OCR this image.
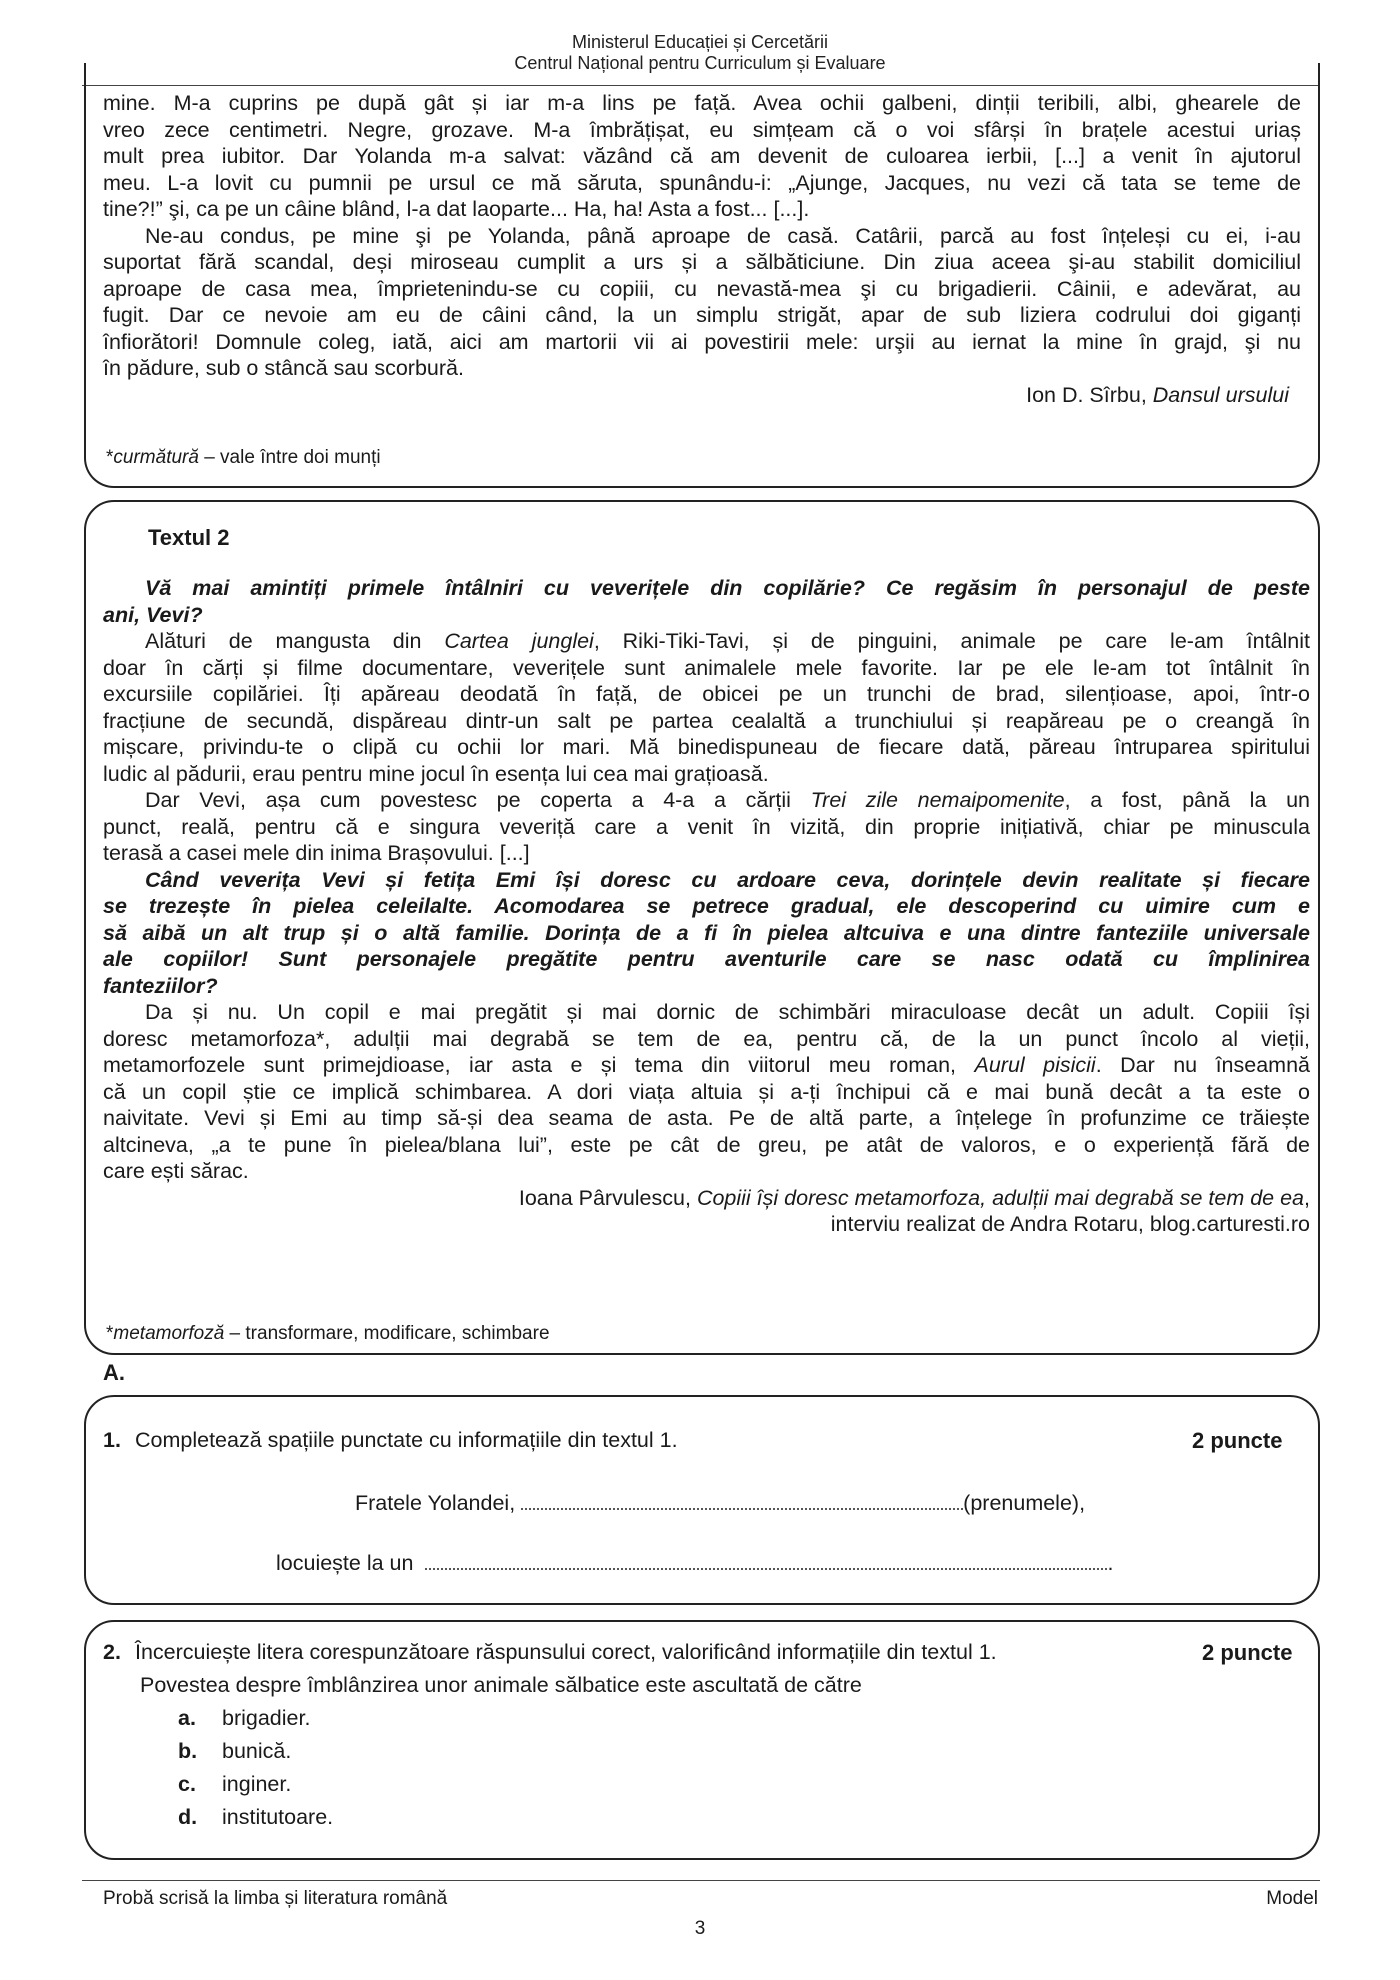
Ministerul Educației și Cercetării
Centrul Național pentru Curriculum și Evaluare
mine. M-a cuprins pe după gât și iar m-a lins pe față. Avea ochii galbeni, dinții teribili, albi, ghearele de
vreo zece centimetri. Negre, grozave. M-a îmbrățișat, eu simțeam că o voi sfârși în brațele acestui uriaș
mult prea iubitor. Dar Yolanda m-a salvat: văzând că am devenit de culoarea ierbii, [...] a venit în ajutorul
meu. L-a lovit cu pumnii pe ursul ce mă săruta, spunându-i: „Ajunge, Jacques, nu vezi că tata se teme de
tine?!” şi, ca pe un câine blând, l-a dat laoparte... Ha, ha! Asta a fost... [...].
Ne-au condus, pe mine şi pe Yolanda, până aproape de casă. Catârii, parcă au fost înțeleși cu ei, i-au
suportat fără scandal, deși miroseau cumplit a urs și a sălbăticiune. Din ziua aceea şi-au stabilit domiciliul
aproape de casa mea, împrietenindu-se cu copiii, cu nevastă-mea şi cu brigadierii. Câinii, e adevărat, au
fugit. Dar ce nevoie am eu de câini când, la un simplu strigăt, apar de sub liziera codrului doi giganți
înfiorători! Domnule coleg, iată, aici am martorii vii ai povestirii mele: urşii au iernat la mine în grajd, şi nu
în pădure, sub o stâncă sau scorbură.
Ion D. Sîrbu, Dansul ursului
*curmătură – vale între doi munți
Textul 2
Vă mai amintiți primele întâlniri cu veverițele din copilărie? Ce regăsim în personajul de peste
ani, Vevi?
Alături de mangusta din Cartea junglei, Riki-Tiki-Tavi, și de pinguini, animale pe care le-am întâlnit
doar în cărți și filme documentare, veverițele sunt animalele mele favorite. Iar pe ele le-am tot întâlnit în
excursiile copilăriei. Îți apăreau deodată în față, de obicei pe un trunchi de brad, silențioase, apoi, într-o
fracțiune de secundă, dispăreau dintr-un salt pe partea cealaltă a trunchiului și reapăreau pe o creangă în
mișcare, privindu-te o clipă cu ochii lor mari. Mă binedispuneau de fiecare dată, păreau întruparea spiritului
ludic al pădurii, erau pentru mine jocul în esența lui cea mai grațioasă.
Dar Vevi, așa cum povestesc pe coperta a 4-a a cărții Trei zile nemaipomenite, a fost, până la un
punct, reală, pentru că e singura veveriță care a venit în vizită, din proprie inițiativă, chiar pe minuscula
terasă a casei mele din inima Brașovului. [...]
Când veverița Vevi și fetița Emi își doresc cu ardoare ceva, dorințele devin realitate și fiecare
se trezește în pielea celeilalte. Acomodarea se petrece gradual, ele descoperind cu uimire cum e
să aibă un alt trup și o altă familie. Dorința de a fi în pielea altcuiva e una dintre fanteziile universale
ale copiilor! Sunt personajele pregătite pentru aventurile care se nasc odată cu împlinirea
fanteziilor?
Da și nu. Un copil e mai pregătit și mai dornic de schimbări miraculoase decât un adult. Copiii își
doresc metamorfoza*, adulții mai degrabă se tem de ea, pentru că, de la un punct încolo al vieții,
metamorfozele sunt primejdioase, iar asta e și tema din viitorul meu roman, Aurul pisicii. Dar nu înseamnă
că un copil știe ce implică schimbarea. A dori viața altuia și a-ți închipui că e mai bună decât a ta este o
naivitate. Vevi și Emi au timp să-și dea seama de asta. Pe de altă parte, a înțelege în profunzime ce trăiește
altcineva, „a te pune în pielea/blana lui”, este pe cât de greu, pe atât de valoros, e o experiență fără de
care ești sărac.
Ioana Pârvulescu, Copiii își doresc metamorfoza, adulții mai degrabă se tem de ea,
interviu realizat de Andra Rotaru, blog.carturesti.ro
*metamorfoză – transformare, modificare, schimbare
A.
1. Completează spațiile punctate cu informațiile din textul 1.	2 puncte
Fratele Yolandei,	(prenumele),
locuiește la un	.
2. Încercuiește litera corespunzătoare răspunsului corect, valorificând informațiile din textul 1.	2 puncte
Povestea despre îmblânzirea unor animale sălbatice este ascultată de către
a. brigadier.
b. bunică.
c. inginer.
d. institutoare.
Probă scrisă la limba și literatura română	Model
3
